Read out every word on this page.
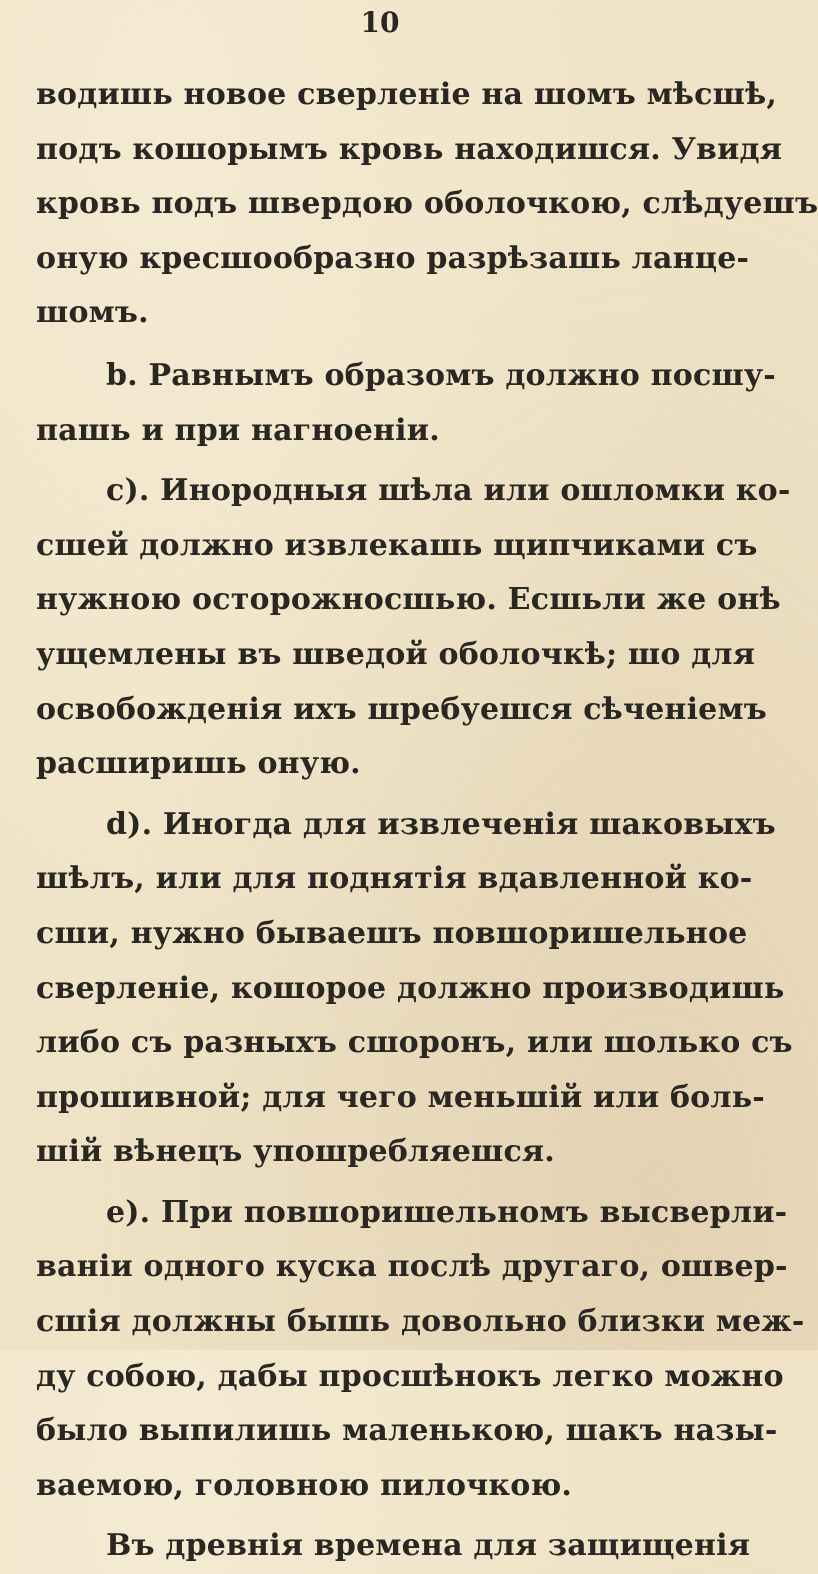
10
водишь новое сверленіе на шомъ мѣсшѣ,
подъ кошорымъ кровь находишся. Увидя
кровь подъ швердою оболочкою, слѣдуешъ
оную кресшообразно разрѣзашь ланце-
шомъ.
b. Равнымъ образомъ должно посшу-
пашь и при нагноеніи.
c). Инородныя шѣла или ошломки ко-
сшей должно извлекашь щипчиками съ
нужною осторожносшью. Есшьли же онѣ
ущемлены въ шведой оболочкѣ; шо для
освобожденія ихъ шребуешся сѣченіемъ
расширишь оную.
d). Иногда для извлеченія шаковыхъ
шѣлъ, или для поднятія вдавленной ко-
сши, нужно бываешъ повшоришельное
сверленіе, кошорое должно производишь
либо съ разныхъ сшоронъ, или шолько съ
прошивной; для чего меньшій или боль-
шій вѣнецъ упошребляешся.
e). При повшоришельномъ высверли-
ваніи одного куска послѣ другаго, ошвер-
сшія должны бышь довольно близки меж-
ду собою, дабы просшѣнокъ легко можно
было выпилишь маленькою, шакъ назы-
ваемою, головною пилочкою.
Въ древнія времена для защищенія
